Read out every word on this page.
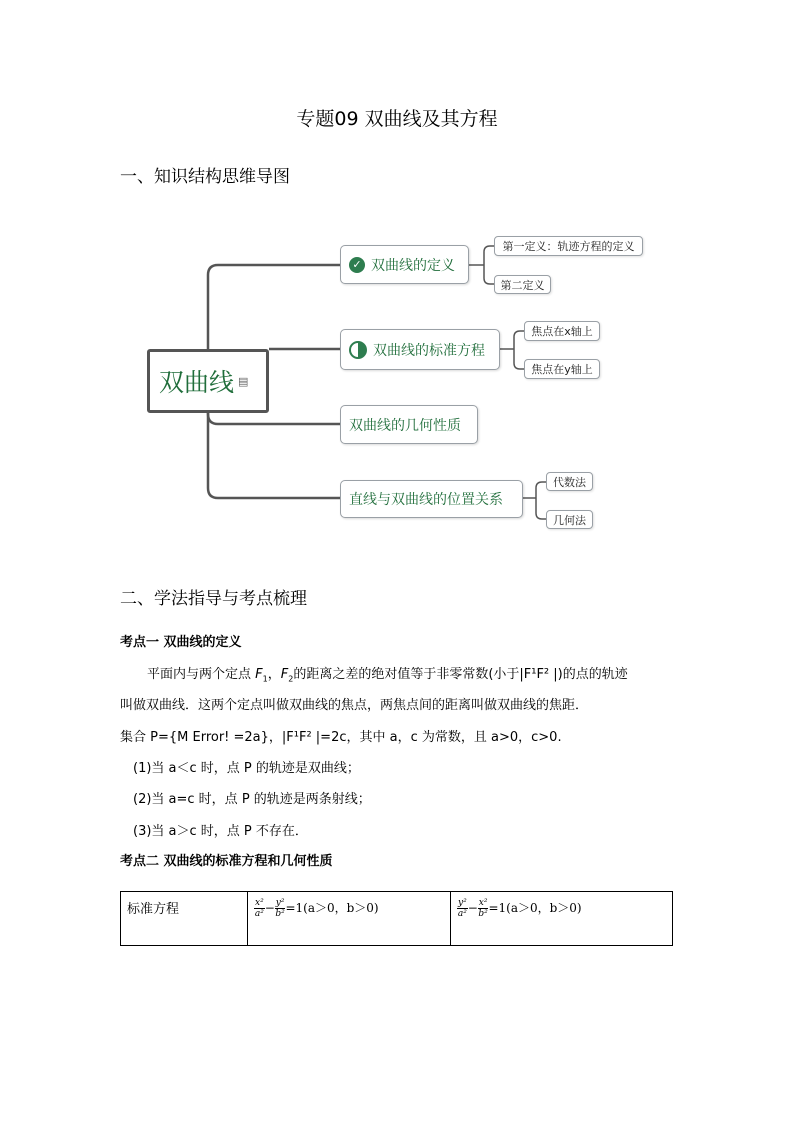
专题09 双曲线及其方程
一、知识结构思维导图
双曲线 ▤
✓ 双曲线的定义
双曲线的标准方程
双曲线的几何性质
直线与双曲线的位置关系
第一定义：轨迹方程的定义
第二定义
焦点在x轴上
焦点在y轴上
代数法
几何法
二、学法指导与考点梳理
考点一 双曲线的定义
平面内与两个定点 $F_1$，$F_2$的距离之差的绝对值等于非零常数(小于|F¹F² |)的点的轨迹
叫做双曲线．这两个定点叫做双曲线的焦点，两焦点间的距离叫做双曲线的焦距．
集合 P={M Error! =2a}，|F¹F² |=2c，其中 a，c 为常数，且 a>0，c>0.
(1)当 a＜c 时，点 P 的轨迹是双曲线；
(2)当 a=c 时，点 P 的轨迹是两条射线；
(3)当 a＞c 时，点 P 不存在．
考点二 双曲线的标准方程和几何性质
标准方程	$\frac{\text{x²}}{\text{a²}} - \frac{\text{y²}}{\text{b²}} =1(a>0$，b＞0)	$\frac{\text{y²}}{\text{a²}} - \frac{\text{x²}}{\text{b²}} =1(a>0$，b＞0)
